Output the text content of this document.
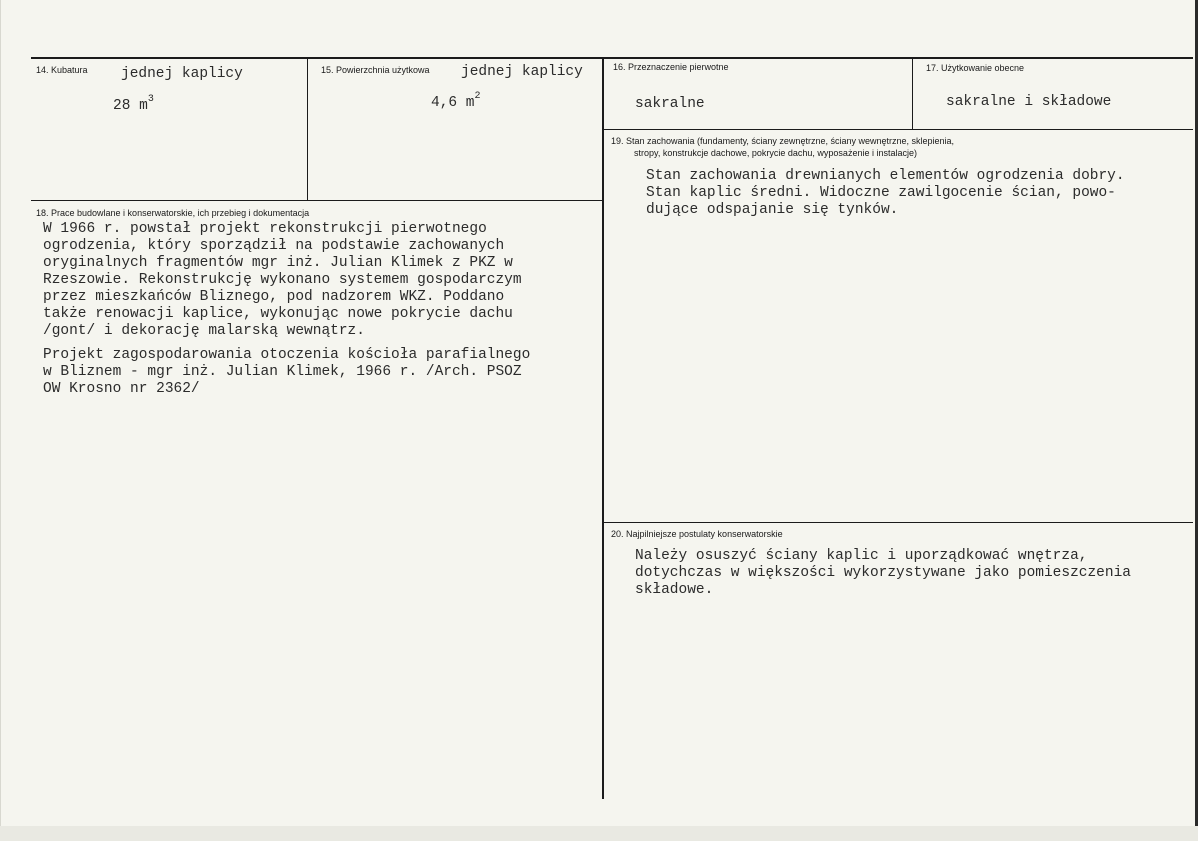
14. Kubatura jednej kaplicy
28 $m^3$
15. Powierzchnia użytkowa jednej kaplicy
4,6 $m^2$
16. Przeznaczenie pierwotne
sakralne
17. Użytkowanie obecne
sakralne i składowe
19. Stan zachowania (fundamenty, ściany zewnętrzne, ściany wewnętrzne, sklepienia,
stropy, konstrukcje dachowe, pokrycie dachu, wyposażenie i instalacje)
Stan zachowania drewnianych elementów ogrodzenia dobry.
Stan kaplic średni. Widoczne zawilgocenie ścian, powo-
dujące odspajanie się tynków.
18. Prace budowlane i konserwatorskie, ich przebieg i dokumentacja
W 1966 r. powstał projekt rekonstrukcji pierwotnego
ogrodzenia, który sporządził na podstawie zachowanych
oryginalnych fragmentów mgr inż. Julian Klimek z PKZ w
Rzeszowie. Rekonstrukcję wykonano systemem gospodarczym
przez mieszkańców Bliznego, pod nadzorem WKZ. Poddano
także renowacji kaplice, wykonując nowe pokrycie dachu
/gont/ i dekorację malarską wewnątrz.
Projekt zagospodarowania otoczenia kościoła parafialnego
w Bliznem - mgr inż. Julian Klimek, 1966 r. /Arch. PSOZ
OW Krosno nr 2362/
20. Najpilniejsze postulaty konserwatorskie
Należy osuszyć ściany kaplic i uporządkować wnętrza,
dotychczas w większości wykorzystywane jako pomieszczenia
składowe.
